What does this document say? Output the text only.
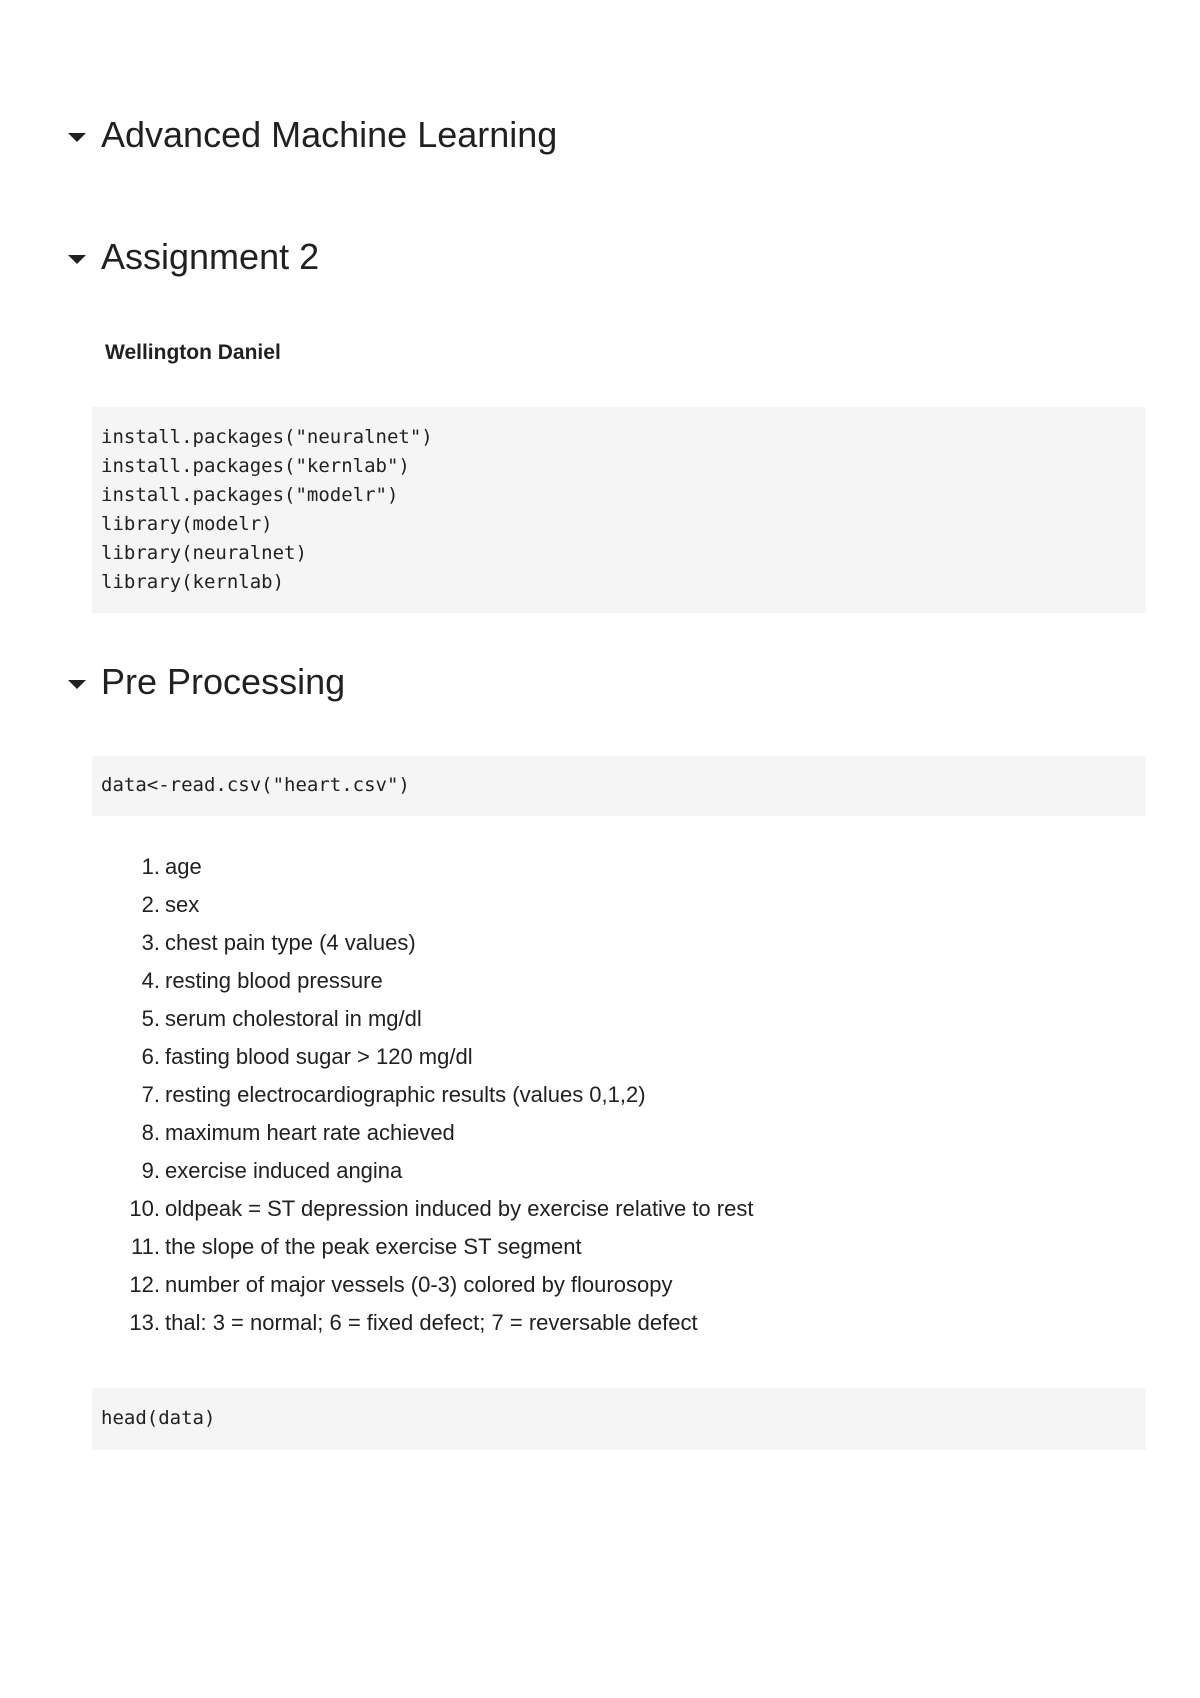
Advanced Machine Learning
Assignment 2
Wellington Daniel
install.packages("neuralnet")
install.packages("kernlab")
install.packages("modelr")
library(modelr)
library(neuralnet)
library(kernlab)
Pre Processing
data<-read.csv("heart.csv")
1. age
2. sex
3. chest pain type (4 values)
4. resting blood pressure
5. serum cholestoral in mg/dl
6. fasting blood sugar > 120 mg/dl
7. resting electrocardiographic results (values 0,1,2)
8. maximum heart rate achieved
9. exercise induced angina
10. oldpeak = ST depression induced by exercise relative to rest
11. the slope of the peak exercise ST segment
12. number of major vessels (0-3) colored by flourosopy
13. thal: 3 = normal; 6 = fixed defect; 7 = reversable defect
head(data)
